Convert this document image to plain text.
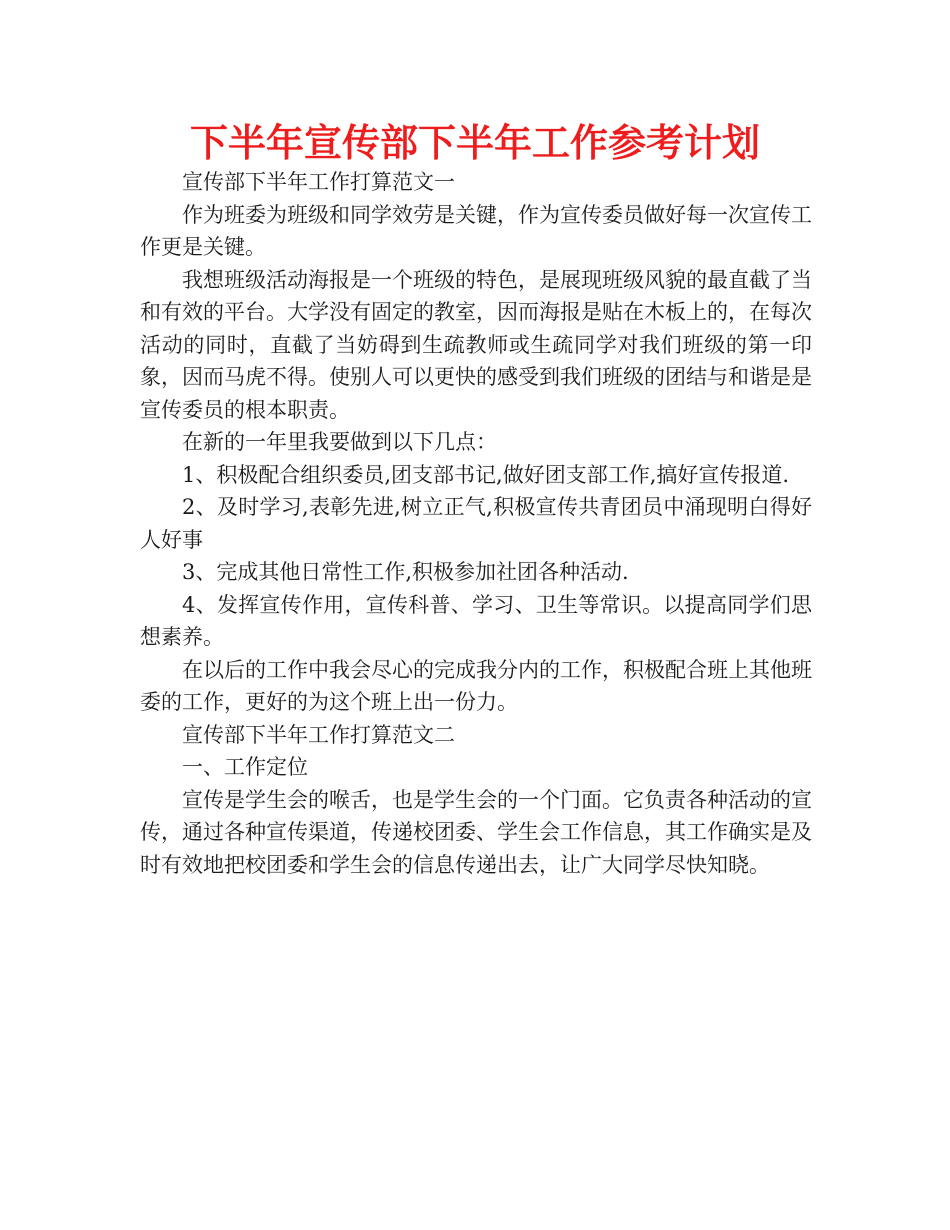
下半年宣传部下半年工作参考计划

宣传部下半年工作打算范文一

作为班委为班级和同学效劳是关键，作为宣传委员做好每一次宣传工作更是关键。

我想班级活动海报是一个班级的特色，是展现班级风貌的最直截了当和有效的平台。大学没有固定的教室，因而海报是贴在木板上的，在每次活动的同时，直截了当妨碍到生疏教师或生疏同学对我们班级的第一印象，因而马虎不得。使别人可以更快的感受到我们班级的团结与和谐是是宣传委员的根本职责。

在新的一年里我要做到以下几点：

1、积极配合组织委员,团支部书记,做好团支部工作,搞好宣传报道.

2、及时学习,表彰先进,树立正气,积极宣传共青团员中涌现明白得好人好事

3、完成其他日常性工作,积极参加社团各种活动.

4、发挥宣传作用，宣传科普、学习、卫生等常识。以提高同学们思想素养。

在以后的工作中我会尽心的完成我分内的工作，积极配合班上其他班委的工作，更好的为这个班上出一份力。

宣传部下半年工作打算范文二

一、工作定位

宣传是学生会的喉舌，也是学生会的一个门面。它负责各种活动的宣传，通过各种宣传渠道，传递校团委、学生会工作信息，其工作确实是及时有效地把校团委和学生会的信息传递出去，让广大同学尽快知晓。
